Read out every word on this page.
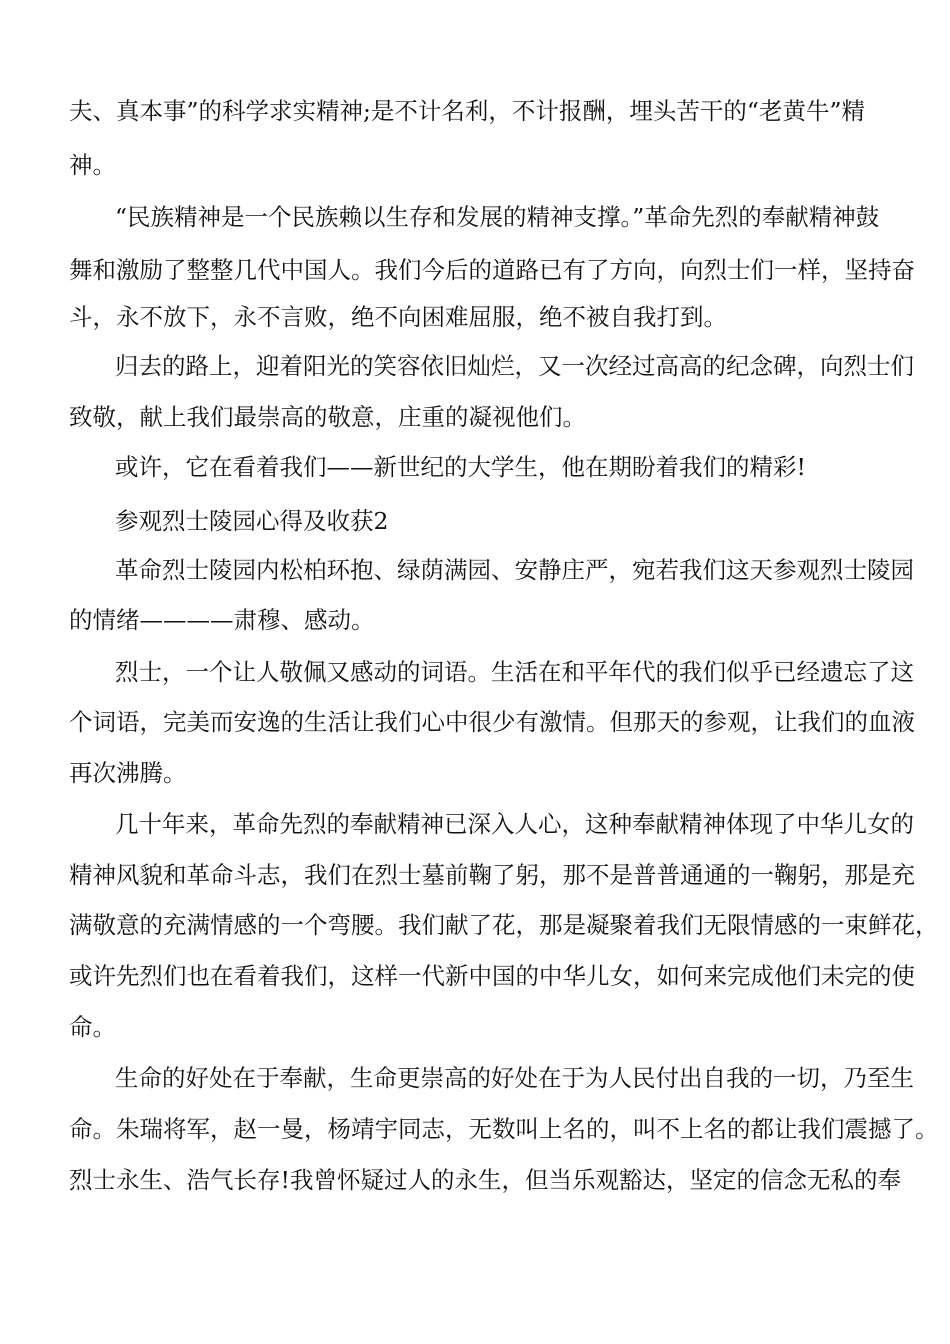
夫、真本事”的科学求实精神;是不计名利，不计报酬，埋头苦干的“老黄牛”精
神。
“民族精神是一个民族赖以生存和发展的精神支撑。”革命先烈的奉献精神鼓
舞和激励了整整几代中国人。我们今后的道路已有了方向，向烈士们一样，坚持奋
斗，永不放下，永不言败，绝不向困难屈服，绝不被自我打到。
归去的路上，迎着阳光的笑容依旧灿烂，又一次经过高高的纪念碑，向烈士们
致敬，献上我们最崇高的敬意，庄重的凝视他们。
或许，它在看着我们——新世纪的大学生，他在期盼着我们的精彩!
参观烈士陵园心得及收获2
革命烈士陵园内松柏环抱、绿荫满园、安静庄严，宛若我们这天参观烈士陵园
的情绪————肃穆、感动。
烈士，一个让人敬佩又感动的词语。生活在和平年代的我们似乎已经遗忘了这
个词语，完美而安逸的生活让我们心中很少有激情。但那天的参观，让我们的血液
再次沸腾。
几十年来，革命先烈的奉献精神已深入人心，这种奉献精神体现了中华儿女的
精神风貌和革命斗志，我们在烈士墓前鞠了躬，那不是普普通通的一鞠躬，那是充
满敬意的充满情感的一个弯腰。我们献了花，那是凝聚着我们无限情感的一束鲜花，
或许先烈们也在看着我们，这样一代新中国的中华儿女，如何来完成他们未完的使
命。
生命的好处在于奉献，生命更崇高的好处在于为人民付出自我的一切，乃至生
命。朱瑞将军，赵一曼，杨靖宇同志，无数叫上名的，叫不上名的都让我们震撼了。
烈士永生、浩气长存!我曾怀疑过人的永生，但当乐观豁达，坚定的信念无私的奉
